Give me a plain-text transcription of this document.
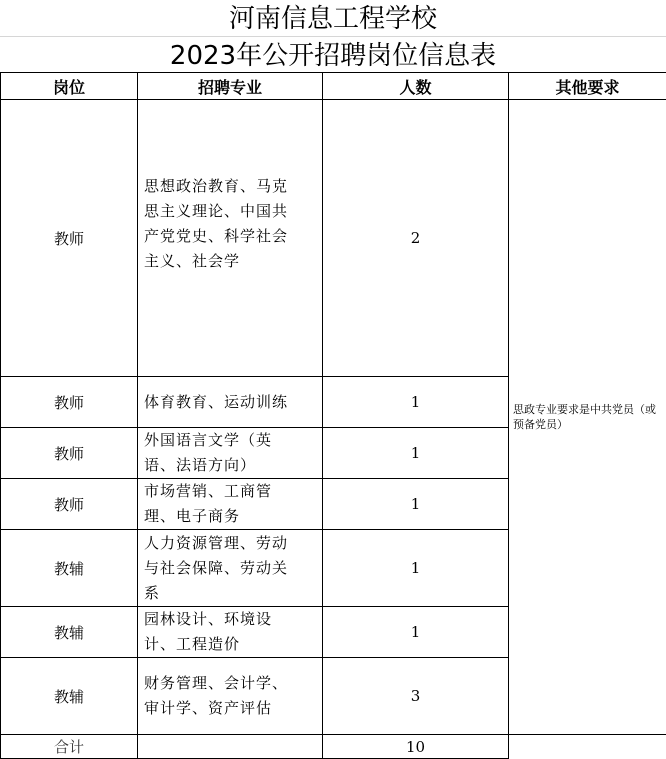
河南信息工程学校
2023年公开招聘岗位信息表
岗位	招聘专业	人数	其他要求
教师	思想政治教育、马克思主义理论、中国共产党党史、科学社会主义、社会学	2	思政专业要求是中共党员（或预备党员）
教师	体育教育、运动训练	1	
教师	外国语言文学（英语、法语方向）	1	
教师	市场营销、工商管理、电子商务	1	
教辅	人力资源管理、劳动与社会保障、劳动关系	1	
教辅	园林设计、环境设计、工程造价	1	
教辅	财务管理、会计学、审计学、资产评估	3	
合计		10	
